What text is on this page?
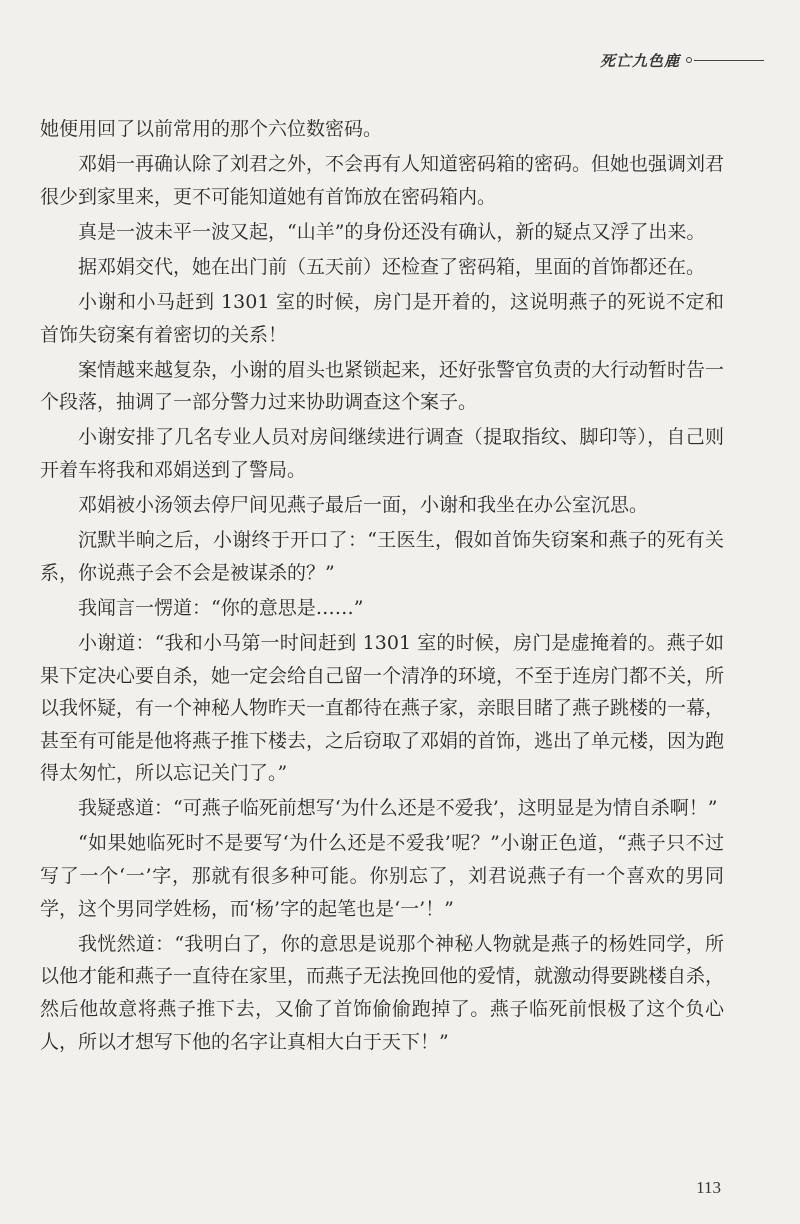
死亡九色鹿

她便用回了以前常用的那个六位数密码。

邓娟一再确认除了刘君之外，不会再有人知道密码箱的密码。但她也强调刘君很少到家里来，更不可能知道她有首饰放在密码箱内。

真是一波未平一波又起，“山羊”的身份还没有确认，新的疑点又浮了出来。

据邓娟交代，她在出门前（五天前）还检查了密码箱，里面的首饰都还在。

小谢和小马赶到 1301 室的时候，房门是开着的，这说明燕子的死说不定和首饰失窃案有着密切的关系！

案情越来越复杂，小谢的眉头也紧锁起来，还好张警官负责的大行动暂时告一个段落，抽调了一部分警力过来协助调查这个案子。

小谢安排了几名专业人员对房间继续进行调查（提取指纹、脚印等），自己则开着车将我和邓娟送到了警局。

邓娟被小汤领去停尸间见燕子最后一面，小谢和我坐在办公室沉思。

沉默半晌之后，小谢终于开口了：“王医生，假如首饰失窃案和燕子的死有关系，你说燕子会不会是被谋杀的？”

我闻言一愣道：“你的意思是……”

小谢道：“我和小马第一时间赶到 1301 室的时候，房门是虚掩着的。燕子如果下定决心要自杀，她一定会给自己留一个清净的环境，不至于连房门都不关，所以我怀疑，有一个神秘人物昨天一直都待在燕子家，亲眼目睹了燕子跳楼的一幕，甚至有可能是他将燕子推下楼去，之后窃取了邓娟的首饰，逃出了单元楼，因为跑得太匆忙，所以忘记关门了。”

我疑惑道：“可燕子临死前想写‘为什么还是不爱我’，这明显是为情自杀啊！”

“如果她临死时不是要写‘为什么还是不爱我’呢？”小谢正色道，“燕子只不过写了一个‘一’字，那就有很多种可能。你别忘了，刘君说燕子有一个喜欢的男同学，这个男同学姓杨，而‘杨’字的起笔也是‘一’！”

我恍然道：“我明白了，你的意思是说那个神秘人物就是燕子的杨姓同学，所以他才能和燕子一直待在家里，而燕子无法挽回他的爱情，就激动得要跳楼自杀，然后他故意将燕子推下去，又偷了首饰偷偷跑掉了。燕子临死前恨极了这个负心人，所以才想写下他的名字让真相大白于天下！”

113
